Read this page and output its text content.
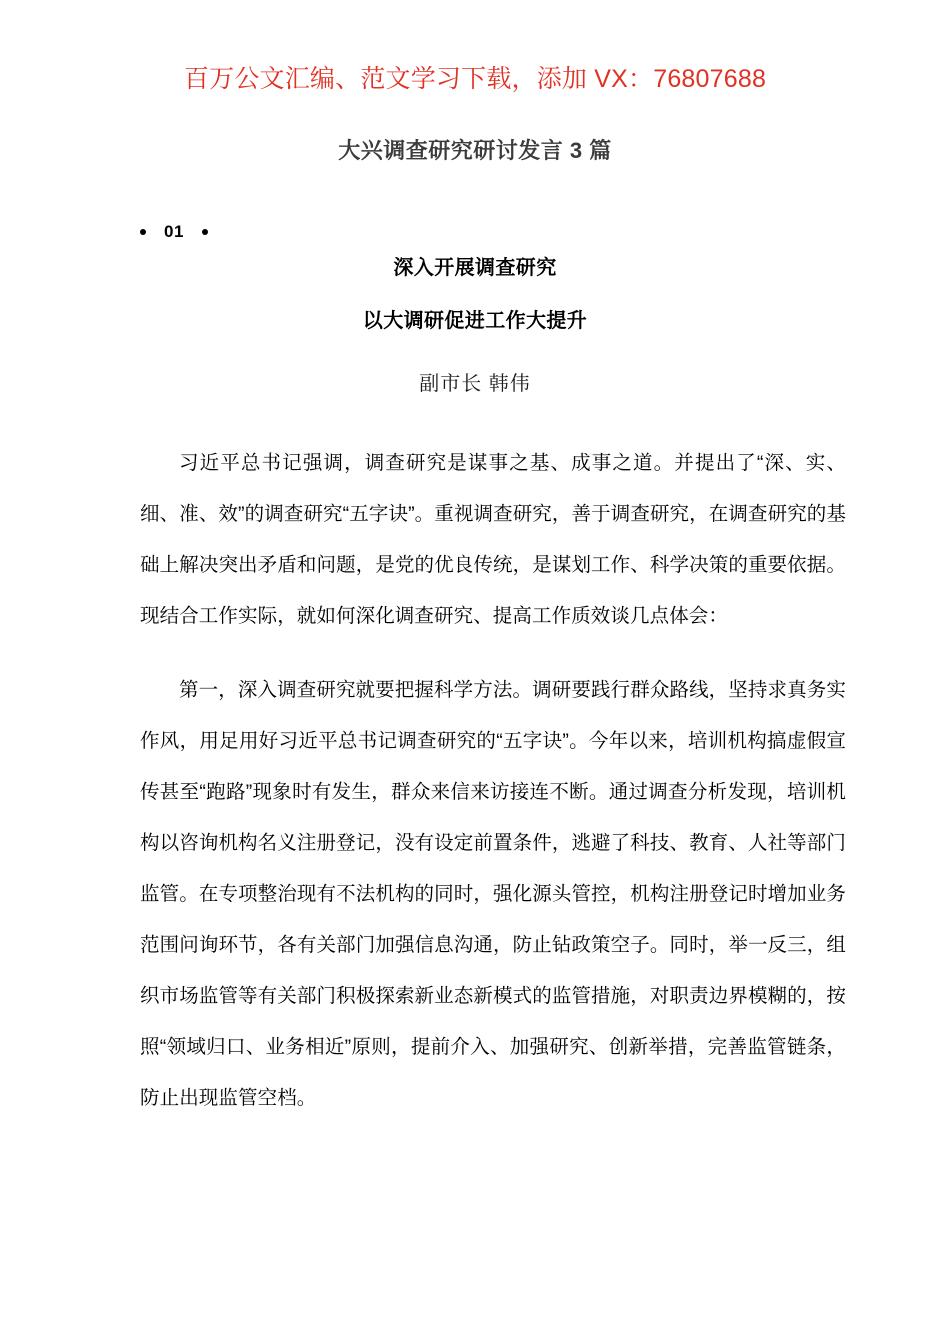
百万公文汇编、范文学习下载，添加 VX：76807688
大兴调查研究研讨发言 3 篇
01
深入开展调查研究
以大调研促进工作大提升
副市长 韩伟

习近平总书记强调，调查研究是谋事之基、成事之道。并提出了“深、实、细、准、效”的调查研究“五字诀”。重视调查研究，善于调查研究，在调查研究的基础上解决突出矛盾和问题，是党的优良传统，是谋划工作、科学决策的重要依据。现结合工作实际，就如何深化调查研究、提高工作质效谈几点体会：

第一，深入调查研究就要把握科学方法。调研要践行群众路线，坚持求真务实作风，用足用好习近平总书记调查研究的“五字诀”。今年以来，培训机构搞虚假宣传甚至“跑路”现象时有发生，群众来信来访接连不断。通过调查分析发现，培训机构以咨询机构名义注册登记，没有设定前置条件，逃避了科技、教育、人社等部门监管。在专项整治现有不法机构的同时，强化源头管控，机构注册登记时增加业务范围问询环节，各有关部门加强信息沟通，防止钻政策空子。同时，举一反三，组织市场监管等有关部门积极探索新业态新模式的监管措施，对职责边界模糊的，按照“领域归口、业务相近”原则，提前介入、加强研究、创新举措，完善监管链条，防止出现监管空档。
